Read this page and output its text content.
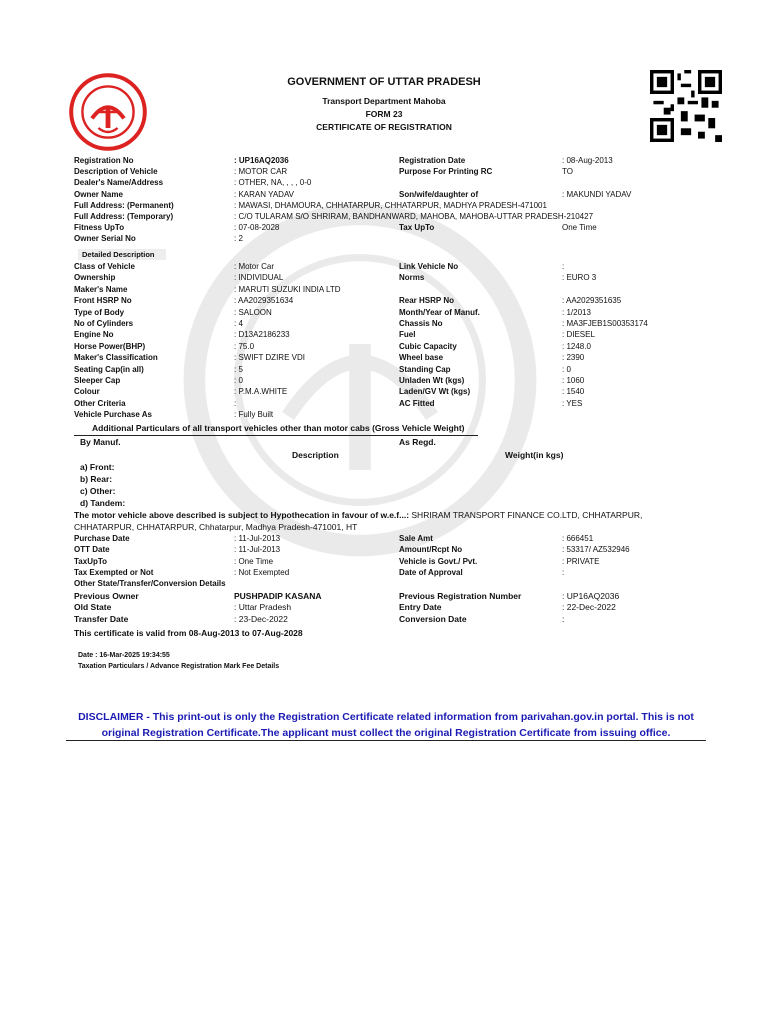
GOVERNMENT OF UTTAR PRADESH
Transport Department Mahoba
FORM 23
CERTIFICATE OF REGISTRATION
Registration No	: UP16AQ2036	Registration Date	: 08-Aug-2013
Description of Vehicle	: MOTOR CAR	Purpose For Printing RC	TO
Dealer's Name/Address	: OTHER, NA, , , , 0-0
Owner Name	: KARAN YADAV	Son/wife/daughter of	: MAKUNDI YADAV
Full Address: (Permanent)	: MAWASI, DHAMOURA, CHHATARPUR, CHHATARPUR, MADHYA PRADESH-471001
Full Address: (Temporary)	: C/O TULARAM S/O SHRIRAM, BANDHANWARD, MAHOBA, MAHOBA-UTTAR PRADESH-210427
Fitness UpTo	: 07-08-2028	Tax UpTo	One Time
Owner Serial No	: 2
Detailed Description
Class of Vehicle	: Motor Car	Link Vehicle No	:
Ownership	: INDIVIDUAL	Norms	: EURO 3
Maker's Name	: MARUTI SUZUKI INDIA LTD
Front HSRP No	: AA2029351634	Rear HSRP No	: AA2029351635
Type of Body	: SALOON	Month/Year of Manuf.	: 1/2013
No of Cylinders	: 4	Chassis No	: MA3FJEB1S00353174
Engine No	: D13A2186233	Fuel	: DIESEL
Horse Power(BHP)	: 75.0	Cubic Capacity	: 1248.0
Maker's Classification	: SWIFT DZIRE VDI	Wheel base	: 2390
Seating Cap(in all)	: 5	Standing Cap	: 0
Sleeper Cap	: 0	Unladen Wt (kgs)	: 1060
Colour	: P.M.A.WHITE	Laden/GV Wt (kgs)	: 1540
Other Criteria	:	AC Fitted	: YES
Vehicle Purchase As	: Fully Built
Additional Particulars of all transport vehicles other than motor cabs (Gross Vehicle Weight)
By Manuf.	As Regd.
Description	Weight(in kgs)
a) Front:
b) Rear:
c) Other:
d) Tandem:
The motor vehicle above described is subject to Hypothecation in favour of w.e.f...: SHRIRAM TRANSPORT FINANCE CO.LTD, CHHATARPUR,
CHHATARPUR, CHHATARPUR, Chhatarpur, Madhya Pradesh-471001, HT
Purchase Date	: 11-Jul-2013	Sale Amt	: 666451
OTT Date	: 11-Jul-2013	Amount/Rcpt No	: 53317/ AZ532946
TaxUpTo	: One Time	Vehicle is Govt./ Pvt.	: PRIVATE
Tax Exempted or Not	: Not Exempted	Date of Approval	:
Other State/Transfer/Conversion Details
Previous Owner	PUSHPADIP KASANA	Previous Registration Number	: UP16AQ2036
Old State	: Uttar Pradesh	Entry Date	: 22-Dec-2022
Transfer Date	: 23-Dec-2022	Conversion Date	:
This certificate is valid from 08-Aug-2013 to 07-Aug-2028
Date : 16-Mar-2025 19:34:55
Taxation Particulars / Advance Registration Mark Fee Details
DISCLAIMER - This print-out is only the Registration Certificate related information from parivahan.gov.in portal. This is not
original Registration Certificate.The applicant must collect the original Registration Certificate from issuing office.
